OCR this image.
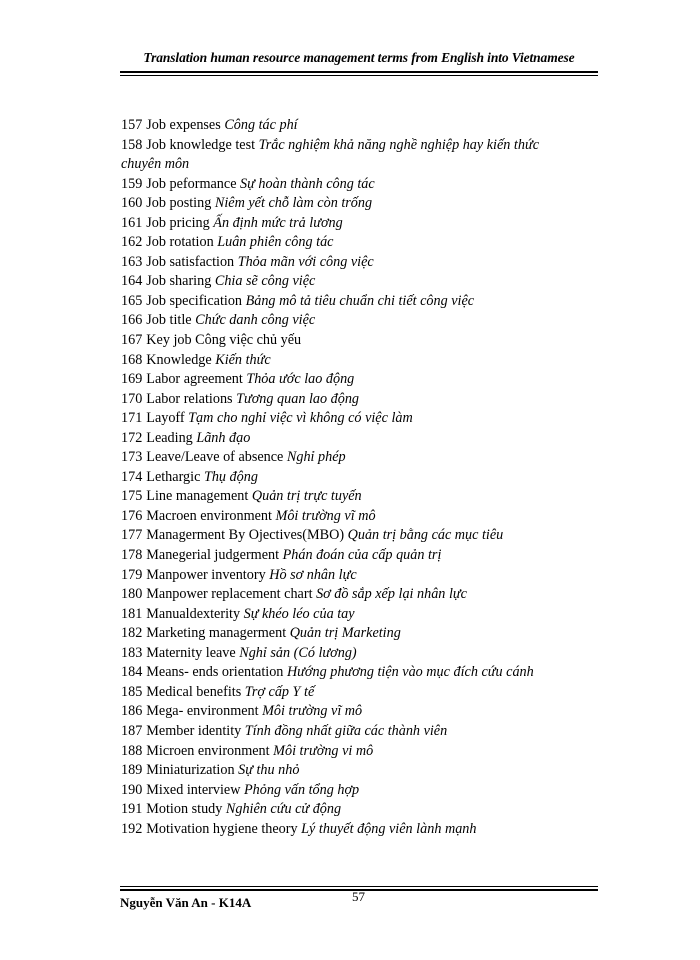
Translation human resource management terms from English into Vietnamese
157 Job expenses Công tác phí
158 Job knowledge test Trắc nghiệm khả năng nghề nghiệp hay kiến thức chuyên môn
159 Job peformance Sự hoàn thành công tác
160 Job posting Niêm yết chỗ làm còn trống
161 Job pricing Ấn định mức trả lương
162 Job rotation Luân phiên công tác
163 Job satisfaction Thỏa mãn với công việc
164 Job sharing Chia sẽ công việc
165 Job specification Bảng mô tả tiêu chuẩn chi tiết công việc
166 Job title Chức danh công việc
167 Key job Công việc chủ yếu
168 Knowledge Kiến thức
169 Labor agreement Thỏa ước lao động
170 Labor relations Tương quan lao động
171 Layoff Tạm cho nghỉ việc vì không có việc làm
172 Leading Lãnh đạo
173 Leave/Leave of absence Nghỉ phép
174 Lethargic Thụ động
175 Line management Quản trị trực tuyến
176 Macroen environment Môi trường vĩ mô
177 Managerment By Ojectives(MBO) Quản trị bằng các mục tiêu
178 Manegerial judgerment Phán đoán của cấp quản trị
179 Manpower inventory Hồ sơ nhân lực
180 Manpower replacement chart Sơ đồ sắp xếp lại nhân lực
181 Manualdexterity Sự khéo léo của tay
182 Marketing managerment Quản trị Marketing
183 Maternity leave Nghỉ sản (Có lương)
184 Means- ends orientation Hướng phương tiện vào mục đích cứu cánh
185 Medical benefits Trợ cấp Y tế
186 Mega- environment Môi trường vĩ mô
187 Member identity Tính đồng nhất giữa các thành viên
188 Microen environment Môi trường vi mô
189 Miniaturization Sự thu nhỏ
190 Mixed interview Phỏng vấn tổng hợp
191 Motion study Nghiên cứu cử động
192 Motivation hygiene theory Lý thuyết động viên lành mạnh
Nguyễn Văn An - K14A	57
